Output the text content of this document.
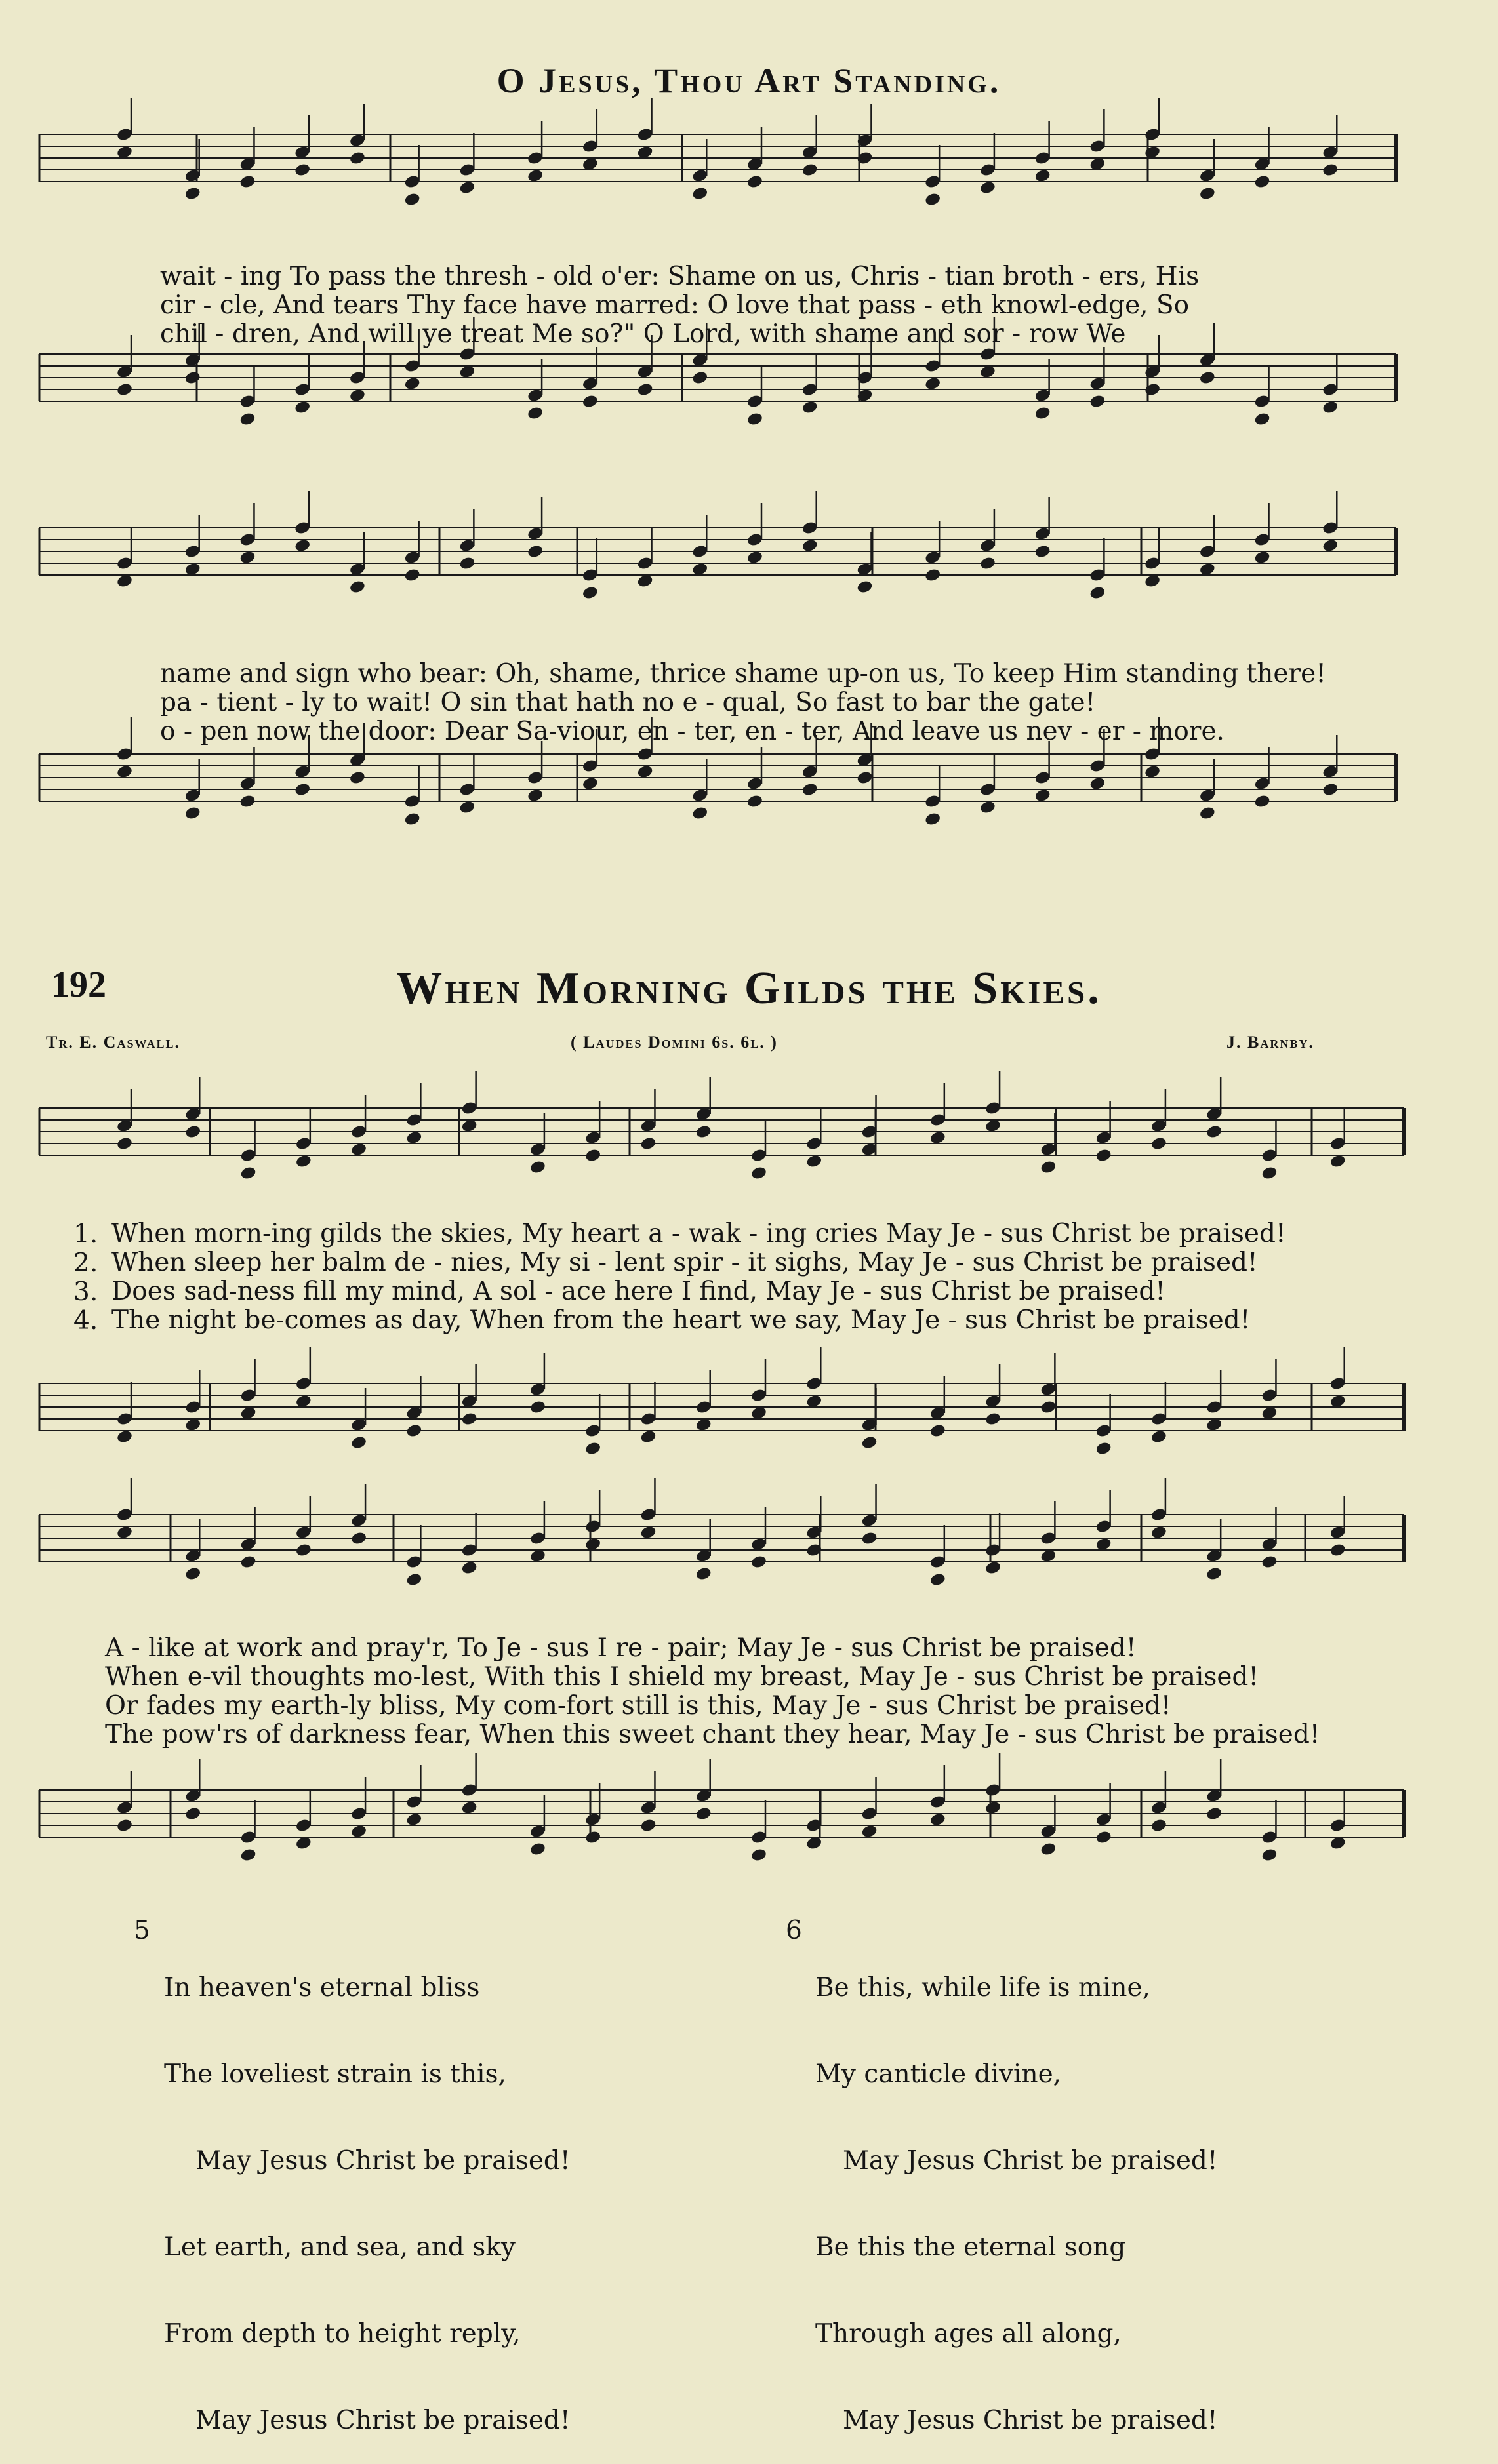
O Jesus, Thou Art Standing.
192	When Morning Gilds the Skies.
Tr. E. Caswall.	( Laudes Domini 6s. 6l. )	J. Barnby.
wait - ing To pass the thresh - old o'er: Shame on us, Chris - tian broth - ers, His
cir - cle, And tears Thy face have marred: O love that pass - eth knowl-edge, So
chil - dren, And will ye treat Me so?" O Lord, with shame and sor - row We
name and sign who bear: Oh, shame, thrice shame up-on us, To keep Him standing there!
pa - tient - ly to wait! O sin that hath no e - qual, So fast to bar the gate!
o - pen now the door: Dear Sa-viour, en - ter, en - ter, And leave us nev - er - more.
1. When morn-ing gilds the skies, My heart a - wak - ing cries May Je - sus Christ be praised!
2. When sleep her balm de - nies, My si - lent spir - it sighs, May Je - sus Christ be praised!
3. Does sad-ness fill my mind, A sol - ace here I find, May Je - sus Christ be praised!
4. The night be-comes as day, When from the heart we say, May Je - sus Christ be praised!
A - like at work and pray'r, To Je - sus I re - pair; May Je - sus Christ be praised!
When e-vil thoughts mo-lest, With this I shield my breast, May Je - sus Christ be praised!
Or fades my earth-ly bliss, My com-fort still is this, May Je - sus Christ be praised!
The pow'rs of darkness fear, When this sweet chant they hear, May Je - sus Christ be praised!
5

In heaven's eternal bliss

The loveliest strain is this,

May Jesus Christ be praised!

Let earth, and sea, and sky

From depth to height reply,

May Jesus Christ be praised!

6

Be this, while life is mine,

My canticle divine,

May Jesus Christ be praised!

Be this the eternal song

Through ages all along,

May Jesus Christ be praised!
